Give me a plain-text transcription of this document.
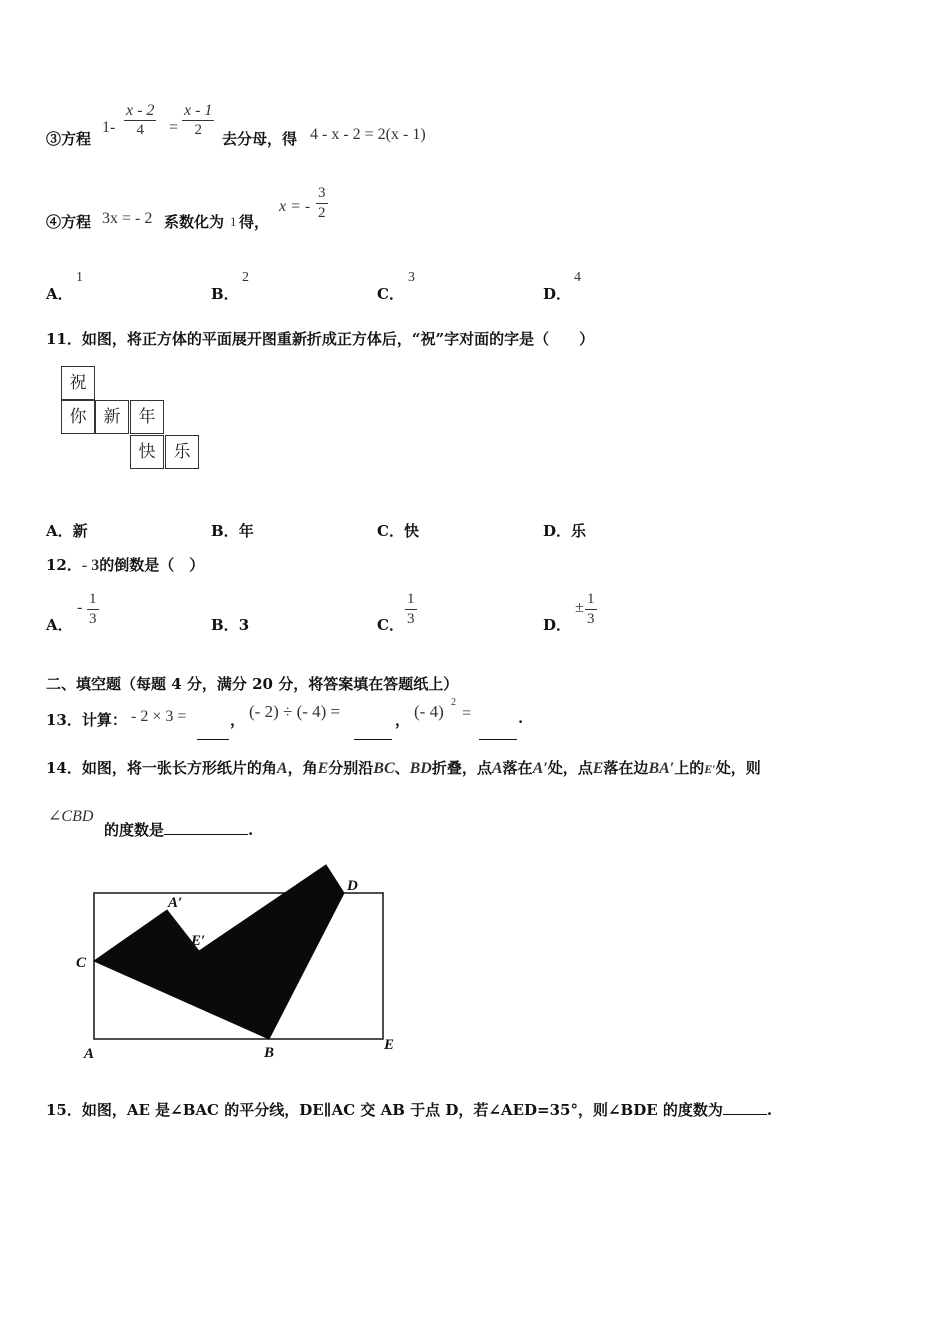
③方程
$1- \frac{x - 2}{4} = \frac{x - 1}{2}$ 去分母，得 4 - x - 2 = 2(x - 1)
④方程 3x = - 2 系数化为 1 得，
x = - $\frac{3}{2}$
A．
1
B．
2
C．
3
D．
4
11．如图，将正方体的平面展开图重新折成正方体后，“祝”字对面的字是（　　）
祝
你	新	年
快	乐
A．新	B．年	C．快	D．乐
12．- 3的倒数是（　）
A．
- $\frac{1}{3}$	B．3	C． $\frac{1}{3}$	D．
± $\frac{1}{3}$
二、填空题（每题 4 分，满分 20 分，将答案填在答题纸上）
13．计算： - 2 × 3 =	， (- 2) ÷ (- 4) =	， (- 4) 2
=	.
14．如图，将一张长方形纸片的角A，角E分别沿BC、BD折叠，点A落在A′处，点E落在边BA′上的E′处，则
∠CBD
的度数是	.
C
A	B
D
E
A′
E′
15．如图，AE 是∠BAC 的平分线，DE∥AC 交 AB 于点 D，若∠AED=35°，则∠BDE 的度数为	.
